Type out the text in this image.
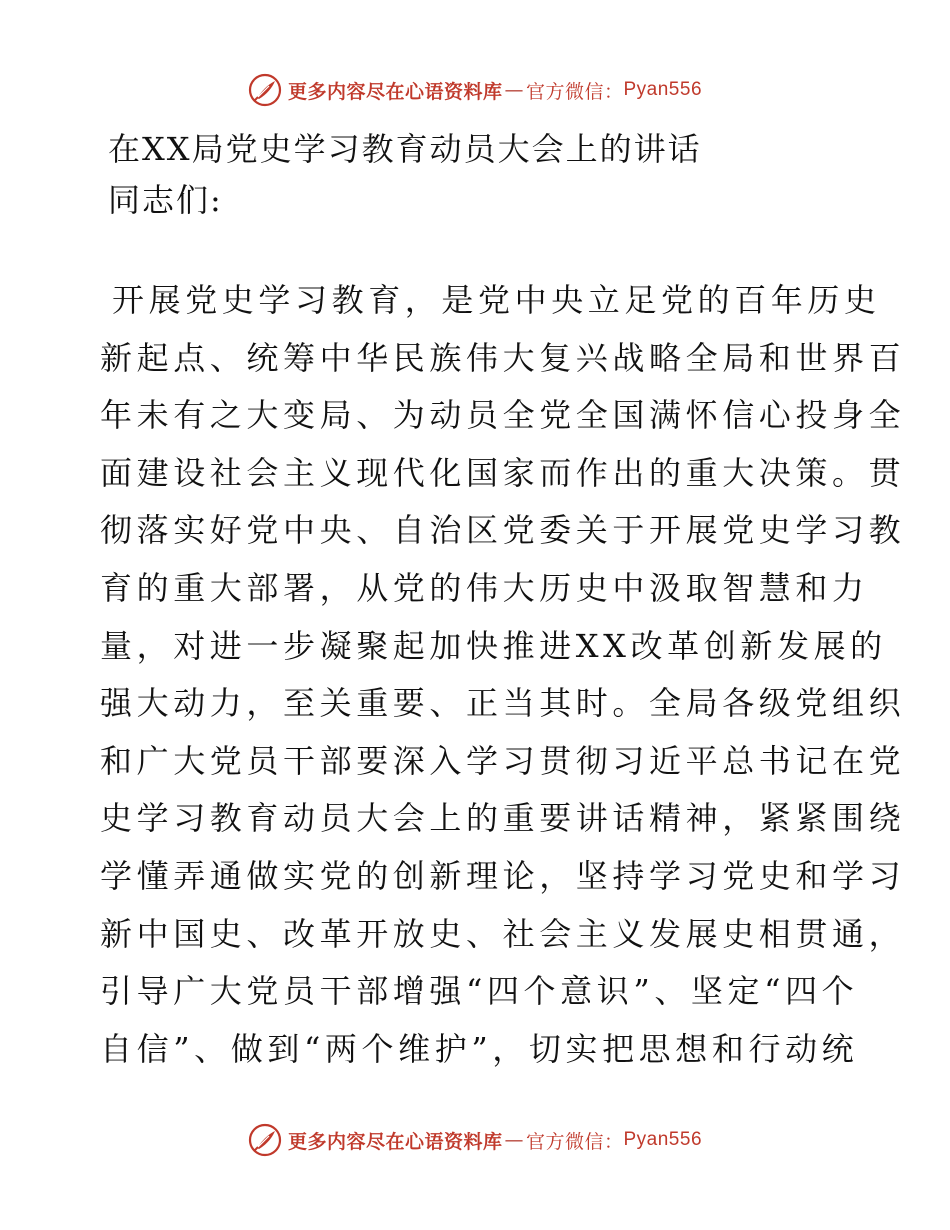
更多内容尽在心语资料库 — 官方微信： Pyan556
在XX局党史学习教育动员大会上的讲话
同志们:
开展党史学习教育，是党中央立足党的百年历史
新起点、统筹中华民族伟大复兴战略全局和世界百
年未有之大变局、为动员全党全国满怀信心投身全
面建设社会主义现代化国家而作出的重大决策。贯
彻落实好党中央、自治区党委关于开展党史学习教
育的重大部署，从党的伟大历史中汲取智慧和力
量，对进一步凝聚起加快推进XX改革创新发展的
强大动力，至关重要、正当其时。全局各级党组织
和广大党员干部要深入学习贯彻习近平总书记在党
史学习教育动员大会上的重要讲话精神，紧紧围绕
学懂弄通做实党的创新理论，坚持学习党史和学习
新中国史、改革开放史、社会主义发展史相贯通，
引导广大党员干部增强“四个意识”、坚定“四个
自信”、做到“两个维护”，切实把思想和行动统
更多内容尽在心语资料库 — 官方微信： Pyan556
